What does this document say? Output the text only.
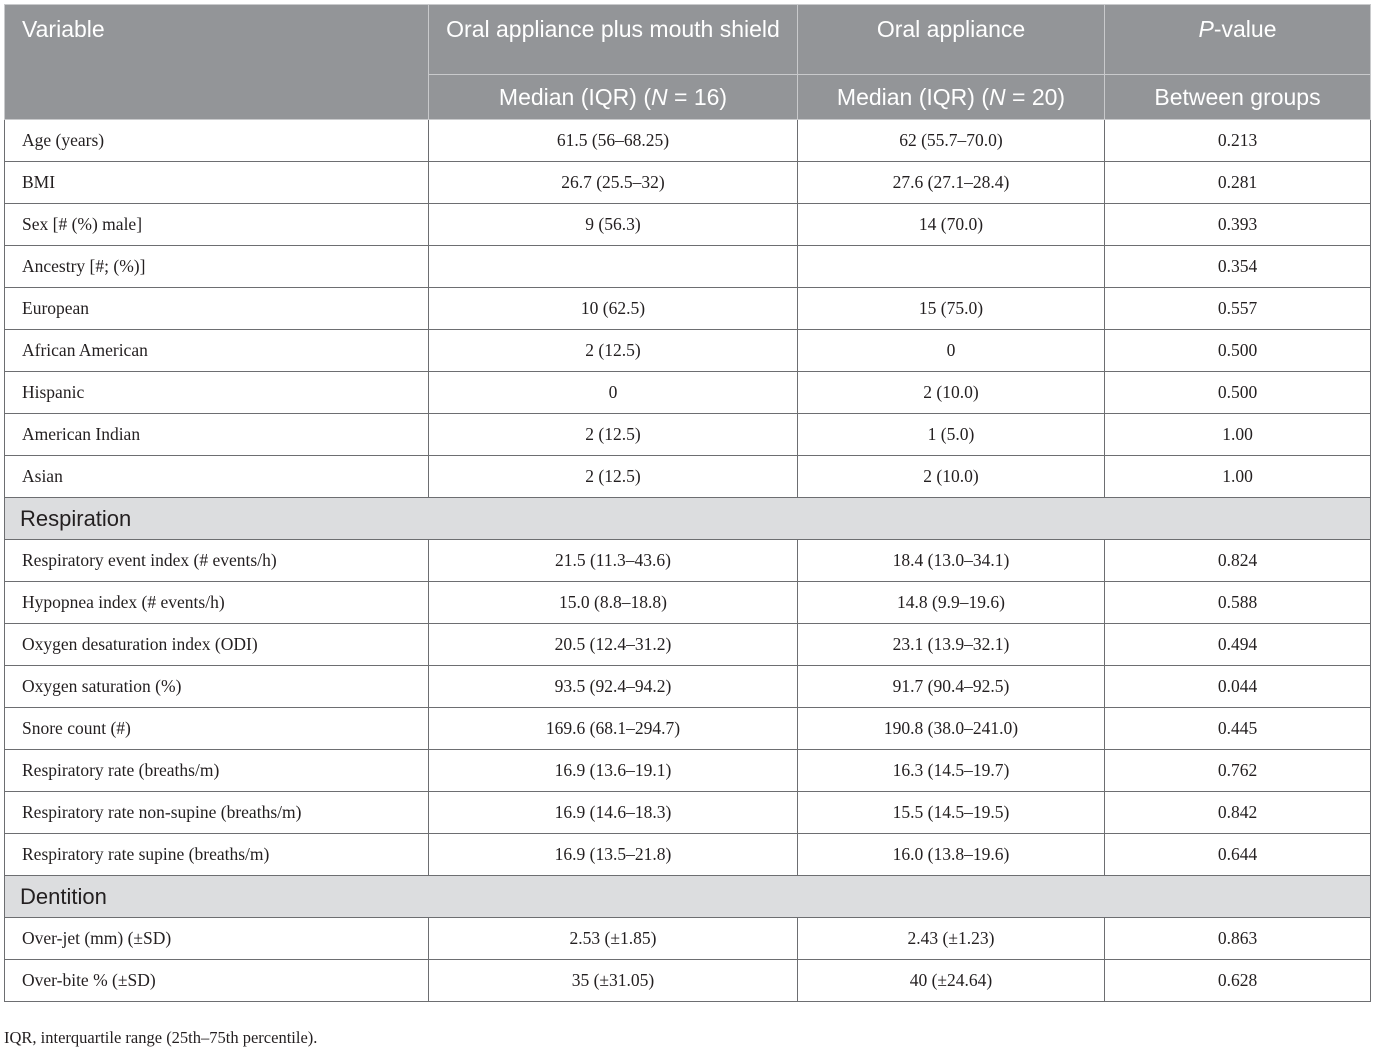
Variable	Oral appliance plus mouth shield	Oral appliance	P-value
	Median (IQR) (N = 16)	Median (IQR) (N = 20)	Between groups
Age (years)	61.5 (56–68.25)	62 (55.7–70.0)	0.213
BMI	26.7 (25.5–32)	27.6 (27.1–28.4)	0.281
Sex [# (%) male]	9 (56.3)	14 (70.0)	0.393
Ancestry [#; (%)]			0.354
European	10 (62.5)	15 (75.0)	0.557
African American	2 (12.5)	0	0.500
Hispanic	0	2 (10.0)	0.500
American Indian	2 (12.5)	1 (5.0)	1.00
Asian	2 (12.5)	2 (10.0)	1.00
Respiration			
Respiratory event index (# events/h)	21.5 (11.3–43.6)	18.4 (13.0–34.1)	0.824
Hypopnea index (# events/h)	15.0 (8.8–18.8)	14.8 (9.9–19.6)	0.588
Oxygen desaturation index (ODI)	20.5 (12.4–31.2)	23.1 (13.9–32.1)	0.494
Oxygen saturation (%)	93.5 (92.4–94.2)	91.7 (90.4–92.5)	0.044
Snore count (#)	169.6 (68.1–294.7)	190.8 (38.0–241.0)	0.445
Respiratory rate (breaths/m)	16.9 (13.6–19.1)	16.3 (14.5–19.7)	0.762
Respiratory rate non-supine (breaths/m)	16.9 (14.6–18.3)	15.5 (14.5–19.5)	0.842
Respiratory rate supine (breaths/m)	16.9 (13.5–21.8)	16.0 (13.8–19.6)	0.644
Dentition			
Over-jet (mm) (±SD)	2.53 (±1.85)	2.43 (±1.23)	0.863
Over-bite % (±SD)	35 (±31.05)	40 (±24.64)	0.628
IQR, interquartile range (25th–75th percentile).
